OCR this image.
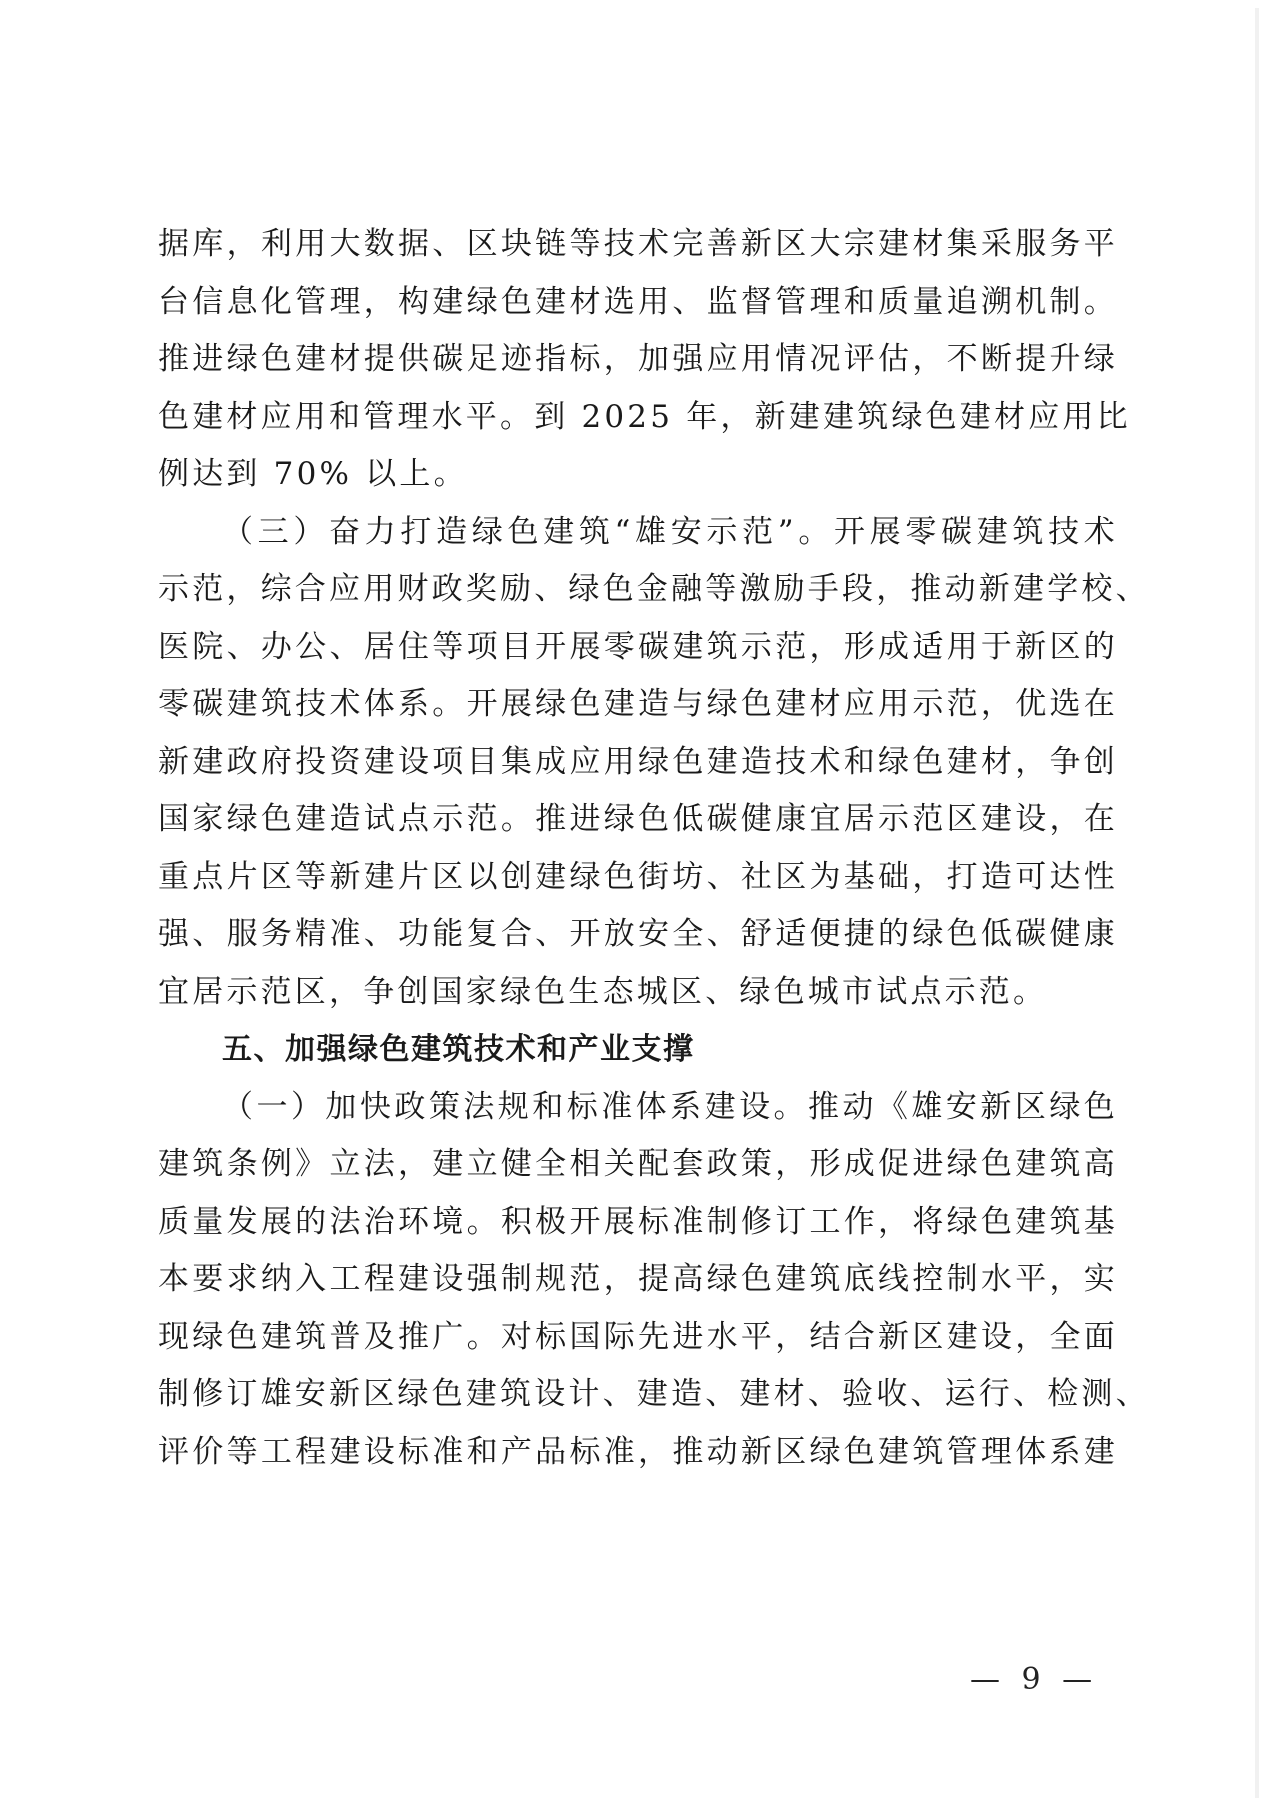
据库，利用大数据、区块链等技术完善新区大宗建材集采服务平
台信息化管理，构建绿色建材选用、监督管理和质量追溯机制。
推进绿色建材提供碳足迹指标，加强应用情况评估，不断提升绿
色建材应用和管理水平。到 2025 年，新建建筑绿色建材应用比
例达到 70% 以上。
（三）奋力打造绿色建筑“雄安示范”。开展零碳建筑技术
示范，综合应用财政奖励、绿色金融等激励手段，推动新建学校、
医院、办公、居住等项目开展零碳建筑示范，形成适用于新区的
零碳建筑技术体系。开展绿色建造与绿色建材应用示范，优选在
新建政府投资建设项目集成应用绿色建造技术和绿色建材，争创
国家绿色建造试点示范。推进绿色低碳健康宜居示范区建设，在
重点片区等新建片区以创建绿色街坊、社区为基础，打造可达性
强、服务精准、功能复合、开放安全、舒适便捷的绿色低碳健康
宜居示范区，争创国家绿色生态城区、绿色城市试点示范。
五、加强绿色建筑技术和产业支撑
（一）加快政策法规和标准体系建设。推动《雄安新区绿色
建筑条例》立法，建立健全相关配套政策，形成促进绿色建筑高
质量发展的法治环境。积极开展标准制修订工作，将绿色建筑基
本要求纳入工程建设强制规范，提高绿色建筑底线控制水平，实
现绿色建筑普及推广。对标国际先进水平，结合新区建设，全面
制修订雄安新区绿色建筑设计、建造、建材、验收、运行、检测、
评价等工程建设标准和产品标准，推动新区绿色建筑管理体系建
— 9 —
